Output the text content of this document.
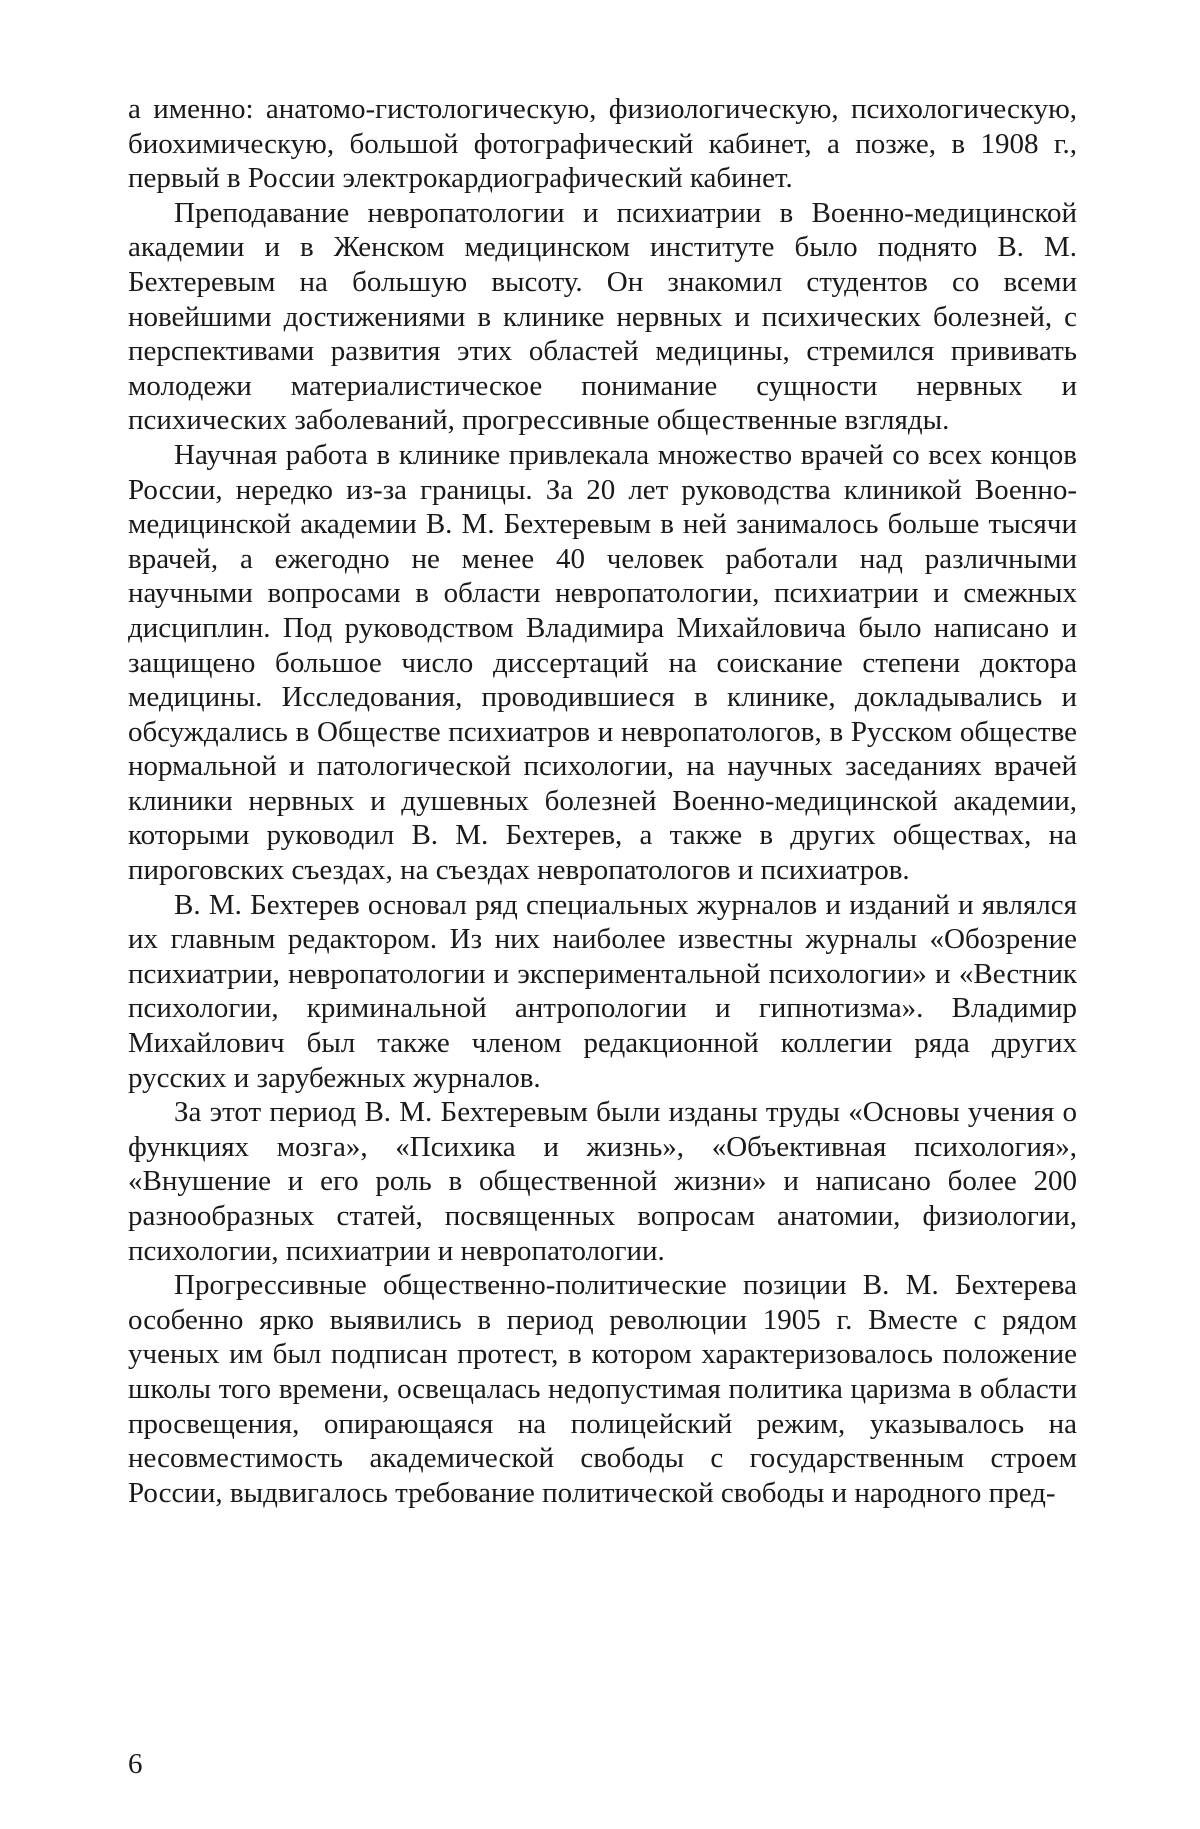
а именно: анатомо-гистологическую, физиологическую, психологическую, биохимическую, большой фотографический кабинет, а позже, в 1908 г., первый в России электрокардиографический кабинет.

Преподавание невропатологии и психиатрии в Военно-медицинской академии и в Женском медицинском институте было поднято В. М. Бехтеревым на большую высоту. Он знакомил студентов со всеми новейшими достижениями в клинике нервных и психических болезней, с перспективами развития этих областей медицины, стремился прививать молодежи материалистическое понимание сущности нервных и психических заболеваний, прогрессивные общественные взгляды.

Научная работа в клинике привлекала множество врачей со всех концов России, нередко из-за границы. За 20 лет руководства клиникой Военно-медицинской академии В. М. Бехтеревым в ней занималось больше тысячи врачей, а ежегодно не менее 40 человек работали над различными научными вопросами в области невропатологии, психиатрии и смежных дисциплин. Под руководством Владимира Михайловича было написано и защищено большое число диссертаций на соискание степени доктора медицины. Исследования, проводившиеся в клинике, докладывались и обсуждались в Обществе психиатров и невропатологов, в Русском обществе нормальной и патологической психологии, на научных заседаниях врачей клиники нервных и душевных болезней Военно-медицинской академии, которыми руководил В. М. Бехтерев, а также в других обществах, на пироговских съездах, на съездах невропатологов и психиатров.

В. М. Бехтерев основал ряд специальных журналов и изданий и являлся их главным редактором. Из них наиболее известны журналы «Обозрение психиатрии, невропатологии и экспериментальной психологии» и «Вестник психологии, криминальной антропологии и гипнотизма». Владимир Михайлович был также членом редакционной коллегии ряда других русских и зарубежных журналов.

За этот период В. М. Бехтеревым были изданы труды «Основы учения о функциях мозга», «Психика и жизнь», «Объективная психология», «Внушение и его роль в общественной жизни» и написано более 200 разнообразных статей, посвященных вопросам анатомии, физиологии, психологии, психиатрии и невропатологии.

Прогрессивные общественно-политические позиции В. М. Бехтерева особенно ярко выявились в период революции 1905 г. Вместе с рядом ученых им был подписан протест, в котором характеризовалось положение школы того времени, освещалась недопустимая политика царизма в области просвещения, опирающаяся на полицейский режим, указывалось на несовместимость академической свободы с государственным строем России, выдвигалось требование политической свободы и народного пред-

6
